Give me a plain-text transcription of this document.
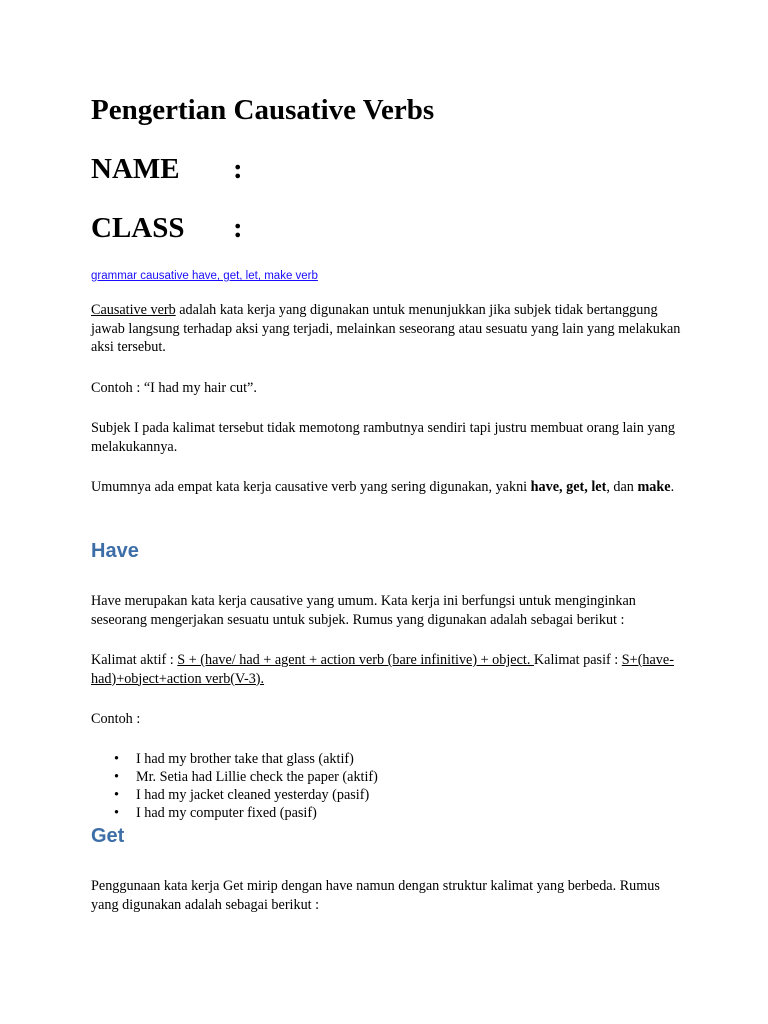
Pengertian Causative Verbs
NAME :
CLASS :
grammar causative have, get, let, make verb

Causative verb adalah kata kerja yang digunakan untuk menunjukkan jika subjek tidak bertanggung jawab langsung terhadap aksi yang terjadi, melainkan seseorang atau sesuatu yang lain yang melakukan aksi tersebut.

Contoh : “I had my hair cut”.

Subjek I pada kalimat tersebut tidak memotong rambutnya sendiri tapi justru membuat orang lain yang melakukannya.

Umumnya ada empat kata kerja causative verb yang sering digunakan, yakni have, get, let, dan make.

Have

Have merupakan kata kerja causative yang umum. Kata kerja ini berfungsi untuk menginginkan seseorang mengerjakan sesuatu untuk subjek. Rumus yang digunakan adalah sebagai berikut :

Kalimat aktif : S + (have/ had + agent + action verb (bare infinitive) + object. Kalimat pasif : S+(have-had)+object+action verb(V-3).

Contoh :

• I had my brother take that glass (aktif)
• Mr. Setia had Lillie check the paper (aktif)
• I had my jacket cleaned yesterday (pasif)
• I had my computer fixed (pasif)
Get

Penggunaan kata kerja Get mirip dengan have namun dengan struktur kalimat yang berbeda. Rumus yang digunakan adalah sebagai berikut :
